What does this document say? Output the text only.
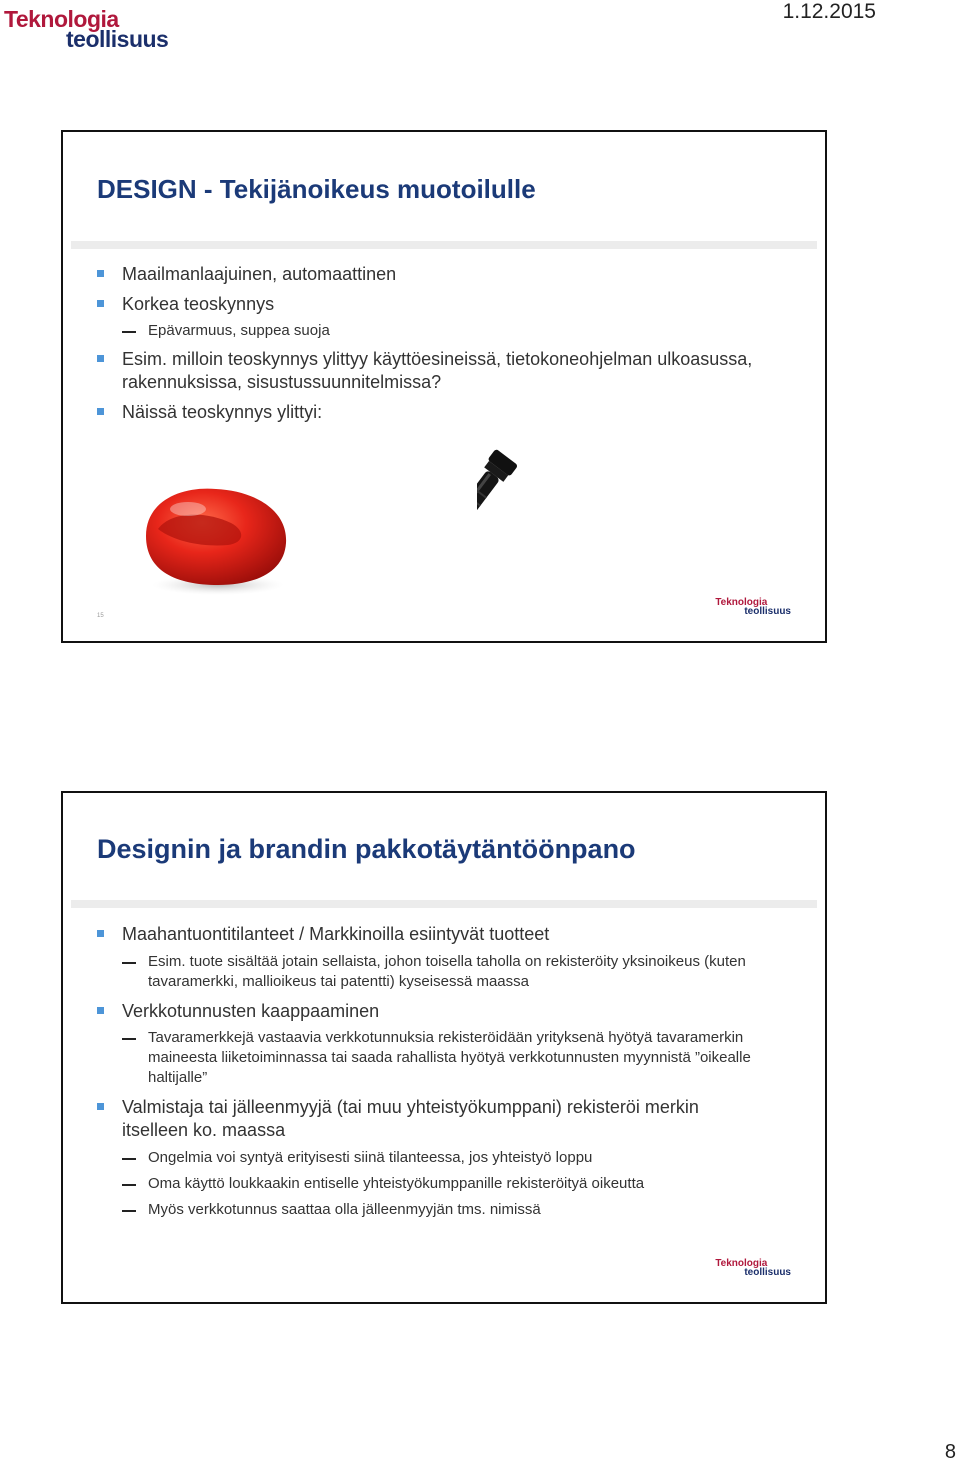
Teknologia
teollisuus
1.12.2015
DESIGN - Tekijänoikeus muotoilulle
Maailmanlaajuinen, automaattinen
Korkea teoskynnys
Epävarmuus, suppea suoja
Esim. milloin teoskynnys ylittyy käyttöesineissä, tietokoneohjelman ulkoasussa, rakennuksissa, sisustussuunnitelmissa?
Näissä teoskynnys ylittyi:
15
Teknologia
teollisuus
Designin ja brandin pakkotäytäntöönpano
Maahantuontitilanteet / Markkinoilla esiintyvät tuotteet
Esim. tuote sisältää jotain sellaista, johon toisella taholla on rekisteröity yksinoikeus (kuten tavaramerkki, mallioikeus tai patentti) kyseisessä maassa
Verkkotunnusten kaappaaminen
Tavaramerkkejä vastaavia verkkotunnuksia rekisteröidään yrityksenä hyötyä tavaramerkin maineesta liiketoiminnassa tai saada rahallista hyötyä verkkotunnusten myynnistä ”oikealle haltijalle”
Valmistaja tai jälleenmyyjä (tai muu yhteistyökumppani) rekisteröi merkin itselleen ko. maassa
Ongelmia voi syntyä erityisesti siinä tilanteessa, jos yhteistyö loppu
Oma käyttö loukkaakin entiselle yhteistyökumppanille rekisteröityä oikeutta
Myös verkkotunnus saattaa olla jälleenmyyjän tms. nimissä
Teknologia
teollisuus
8
